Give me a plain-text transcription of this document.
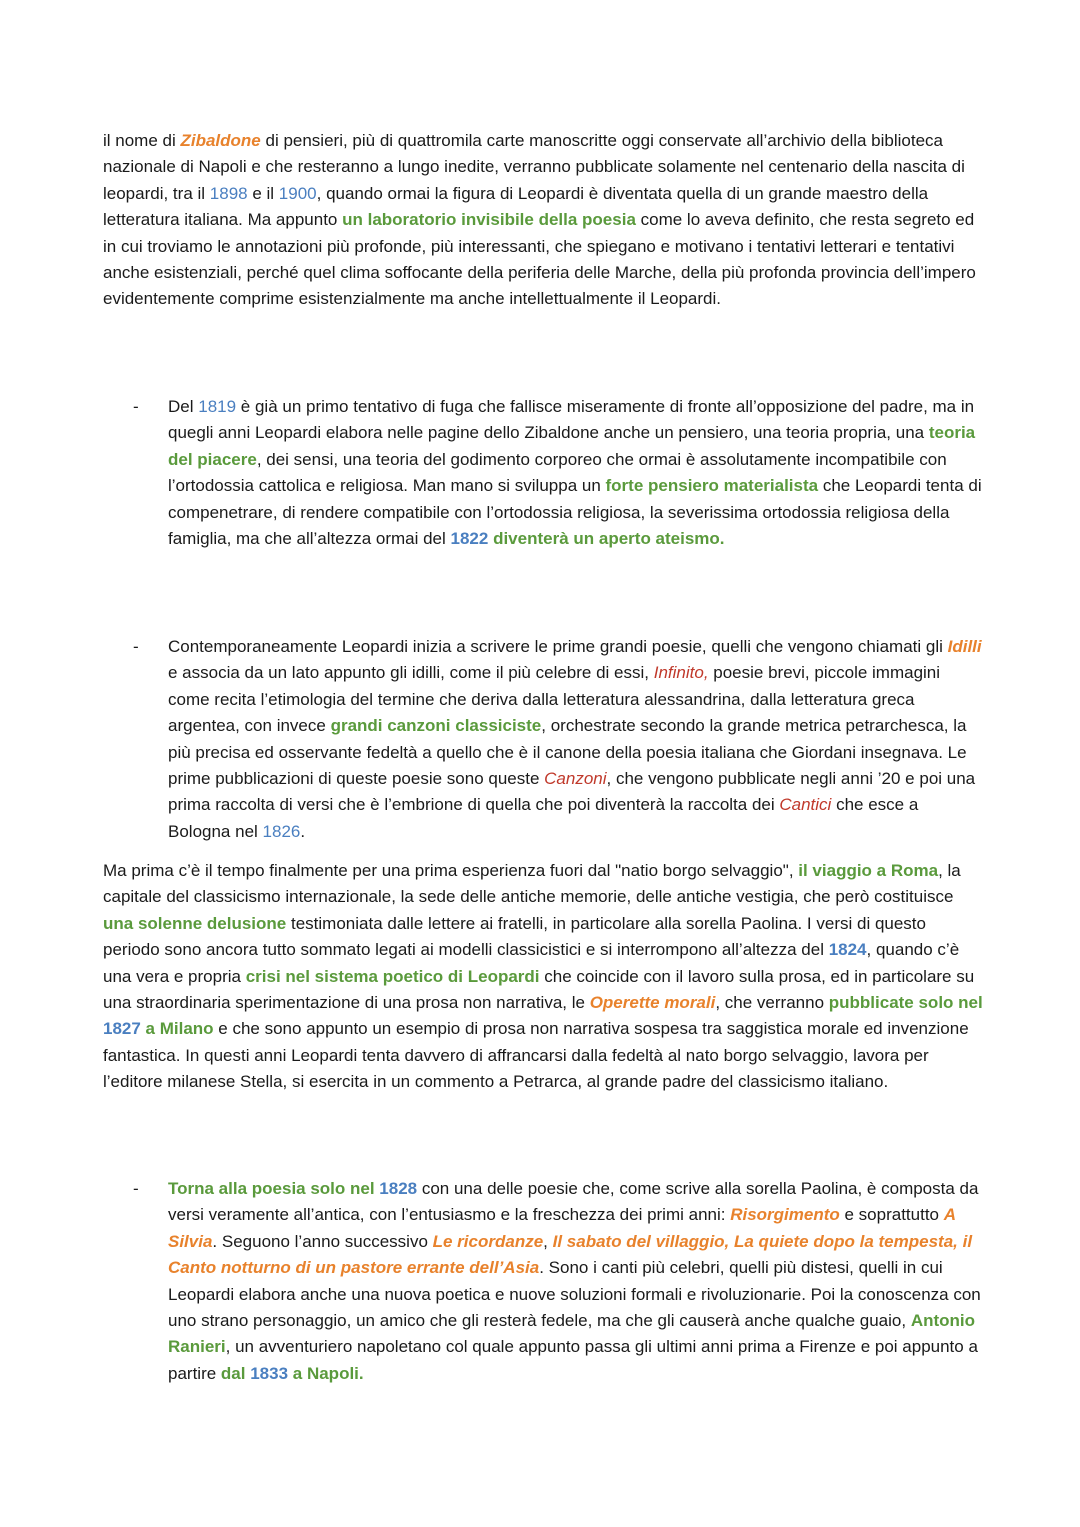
il nome di Zibaldone di pensieri, più di quattromila carte manoscritte oggi conservate all’archivio della biblioteca nazionale di Napoli e che resteranno a lungo inedite, verranno pubblicate solamente nel centenario della nascita di leopardi, tra il 1898 e il 1900, quando ormai la figura di Leopardi è diventata quella di un grande maestro della letteratura italiana. Ma appunto un laboratorio invisibile della poesia come lo aveva definito, che resta segreto ed in cui troviamo le annotazioni più profonde, più interessanti, che spiegano e motivano i tentativi letterari e tentativi anche esistenziali, perché quel clima soffocante della periferia delle Marche, della più profonda provincia dell’impero evidentemente comprime esistenzialmente ma anche intellettualmente il Leopardi.

- Del 1819 è già un primo tentativo di fuga che fallisce miseramente di fronte all’opposizione del padre, ma in quegli anni Leopardi elabora nelle pagine dello Zibaldone anche un pensiero, una teoria propria, una teoria del piacere, dei sensi, una teoria del godimento corporeo che ormai è assolutamente incompatibile con l’ortodossia cattolica e religiosa. Man mano si sviluppa un forte pensiero materialista che Leopardi tenta di compenetrare, di rendere compatibile con l’ortodossia religiosa, la severissima ortodossia religiosa della famiglia, ma che all’altezza ormai del 1822 diventerà un aperto ateismo.

- Contemporaneamente Leopardi inizia a scrivere le prime grandi poesie, quelli che vengono chiamati gli Idilli e associa da un lato appunto gli idilli, come il più celebre di essi, Infinito, poesie brevi, piccole immagini come recita l’etimologia del termine che deriva dalla letteratura alessandrina, dalla letteratura greca argentea, con invece grandi canzoni classiciste, orchestrate secondo la grande metrica petrarchesca, la più precisa ed osservante fedeltà a quello che è il canone della poesia italiana che Giordani insegnava. Le prime pubblicazioni di queste poesie sono queste Canzoni, che vengono pubblicate negli anni ’20 e poi una prima raccolta di versi che è l’embrione di quella che poi diventerà la raccolta dei Cantici che esce a Bologna nel 1826.

Ma prima c’è il tempo finalmente per una prima esperienza fuori dal "natio borgo selvaggio", il viaggio a Roma, la capitale del classicismo internazionale, la sede delle antiche memorie, delle antiche vestigia, che però costituisce una solenne delusione testimoniata dalle lettere ai fratelli, in particolare alla sorella Paolina. I versi di questo periodo sono ancora tutto sommato legati ai modelli classicistici e si interrompono all’altezza del 1824, quando c’è una vera e propria crisi nel sistema poetico di Leopardi che coincide con il lavoro sulla prosa, ed in particolare su una straordinaria sperimentazione di una prosa non narrativa, le Operette morali, che verranno pubblicate solo nel 1827 a Milano e che sono appunto un esempio di prosa non narrativa sospesa tra saggistica morale ed invenzione fantastica. In questi anni Leopardi tenta davvero di affrancarsi dalla fedeltà al nato borgo selvaggio, lavora per l’editore milanese Stella, si esercita in un commento a Petrarca, al grande padre del classicismo italiano.

- Torna alla poesia solo nel 1828 con una delle poesie che, come scrive alla sorella Paolina, è composta da versi veramente all’antica, con l’entusiasmo e la freschezza dei primi anni: Risorgimento e soprattutto A Silvia. Seguono l’anno successivo Le ricordanze, Il sabato del villaggio, La quiete dopo la tempesta, il Canto notturno di un pastore errante dell’Asia. Sono i canti più celebri, quelli più distesi, quelli in cui Leopardi elabora anche una nuova poetica e nuove soluzioni formali e rivoluzionarie. Poi la conoscenza con uno strano personaggio, un amico che gli resterà fedele, ma che gli causerà anche qualche guaio, Antonio Ranieri, un avventuriero napoletano col quale appunto passa gli ultimi anni prima a Firenze e poi appunto a partire dal 1833 a Napoli.
